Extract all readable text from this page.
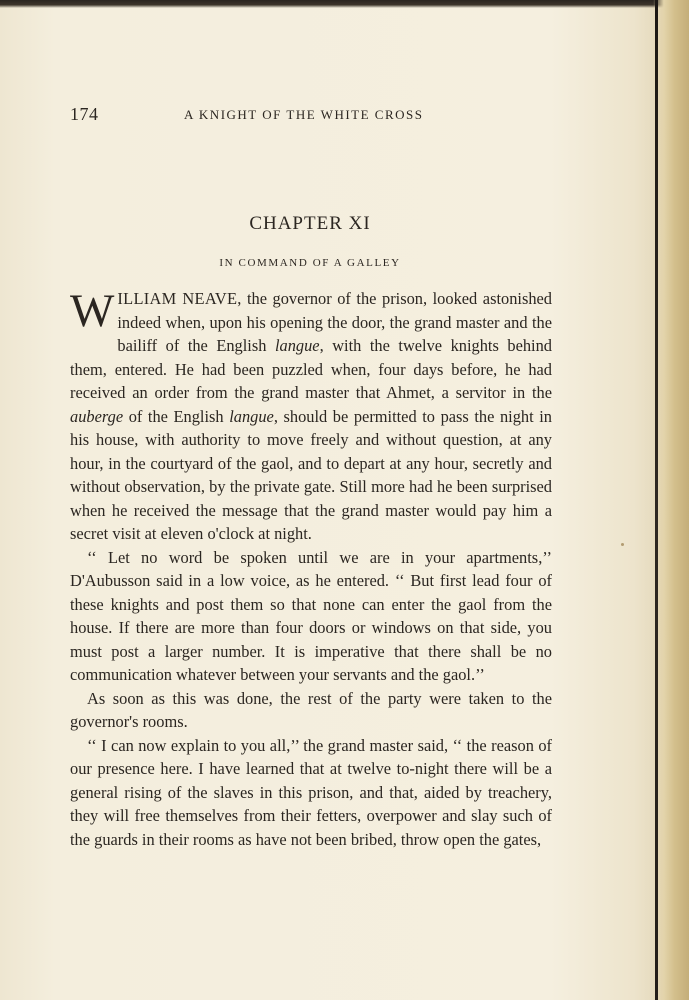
174	A KNIGHT OF THE WHITE CROSS
CHAPTER XI
IN COMMAND OF A GALLEY

WILLIAM NEAVE, the governor of the prison, looked astonished indeed when, upon his opening the door, the grand master and the bailiff of the English langue, with the twelve knights behind them, entered. He had been puzzled when, four days before, he had received an order from the grand master that Ahmet, a servitor in the auberge of the English langue, should be permitted to pass the night in his house, with authority to move freely and without question, at any hour, in the courtyard of the gaol, and to depart at any hour, secretly and without observation, by the private gate. Still more had he been surprised when he received the message that the grand master would pay him a secret visit at eleven o'clock at night.

‘‘ Let no word be spoken until we are in your apartments,’’ D'Aubusson said in a low voice, as he entered. ‘‘ But first lead four of these knights and post them so that none can enter the gaol from the house. If there are more than four doors or windows on that side, you must post a larger number. It is imperative that there shall be no communication whatever between your servants and the gaol.’’

As soon as this was done, the rest of the party were taken to the governor's rooms.

‘‘ I can now explain to you all,’’ the grand master said, ‘‘ the reason of our presence here. I have learned that at twelve to-night there will be a general rising of the slaves in this prison, and that, aided by treachery, they will free themselves from their fetters, overpower and slay such of the guards in their rooms as have not been bribed, throw open the gates,
